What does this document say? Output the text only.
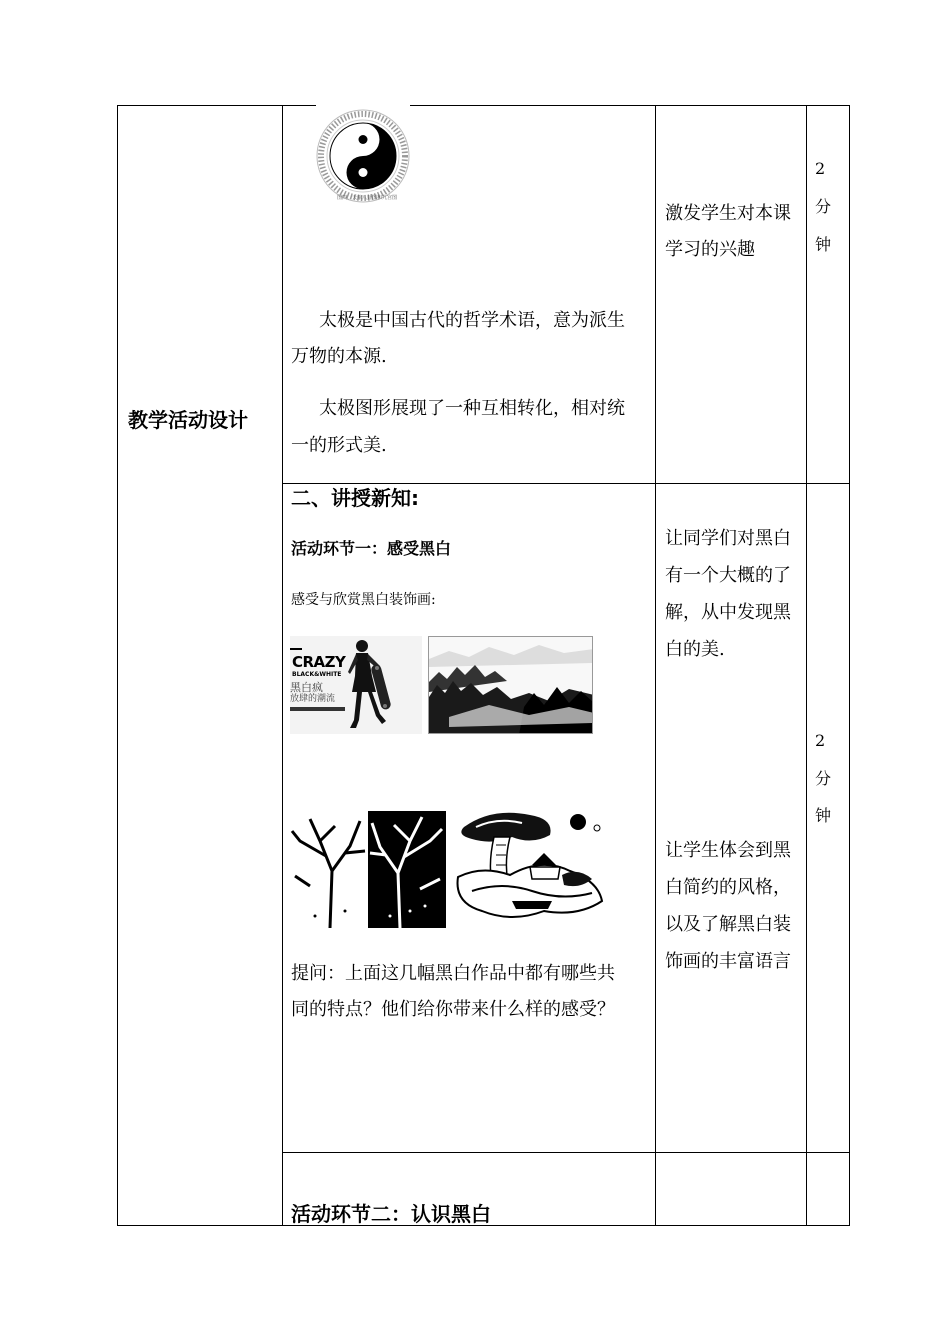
教学活动设计
图四、天象八卦图和九宫图
太极是中国古代的哲学术语，意为派生
万物的本源.
太极图形展现了一种互相转化，相对统
一的形式美.
激发学生对本课
学习的兴趣
2
分
钟
二、讲授新知:
活动环节一：感受黑白
感受与欣赏黑白装饰画:
CRAZY
BLACK&WHITE
黑白疯
放肆的潮流
提问：上面这几幅黑白作品中都有哪些共
同的特点？他们给你带来什么样的感受？
让同学们对黑白
有一个大概的了
解，从中发现黑
白的美.
让学生体会到黑
白简约的风格，
以及了解黑白装
饰画的丰富语言
2
分
钟
活动环节二：认识黑白
